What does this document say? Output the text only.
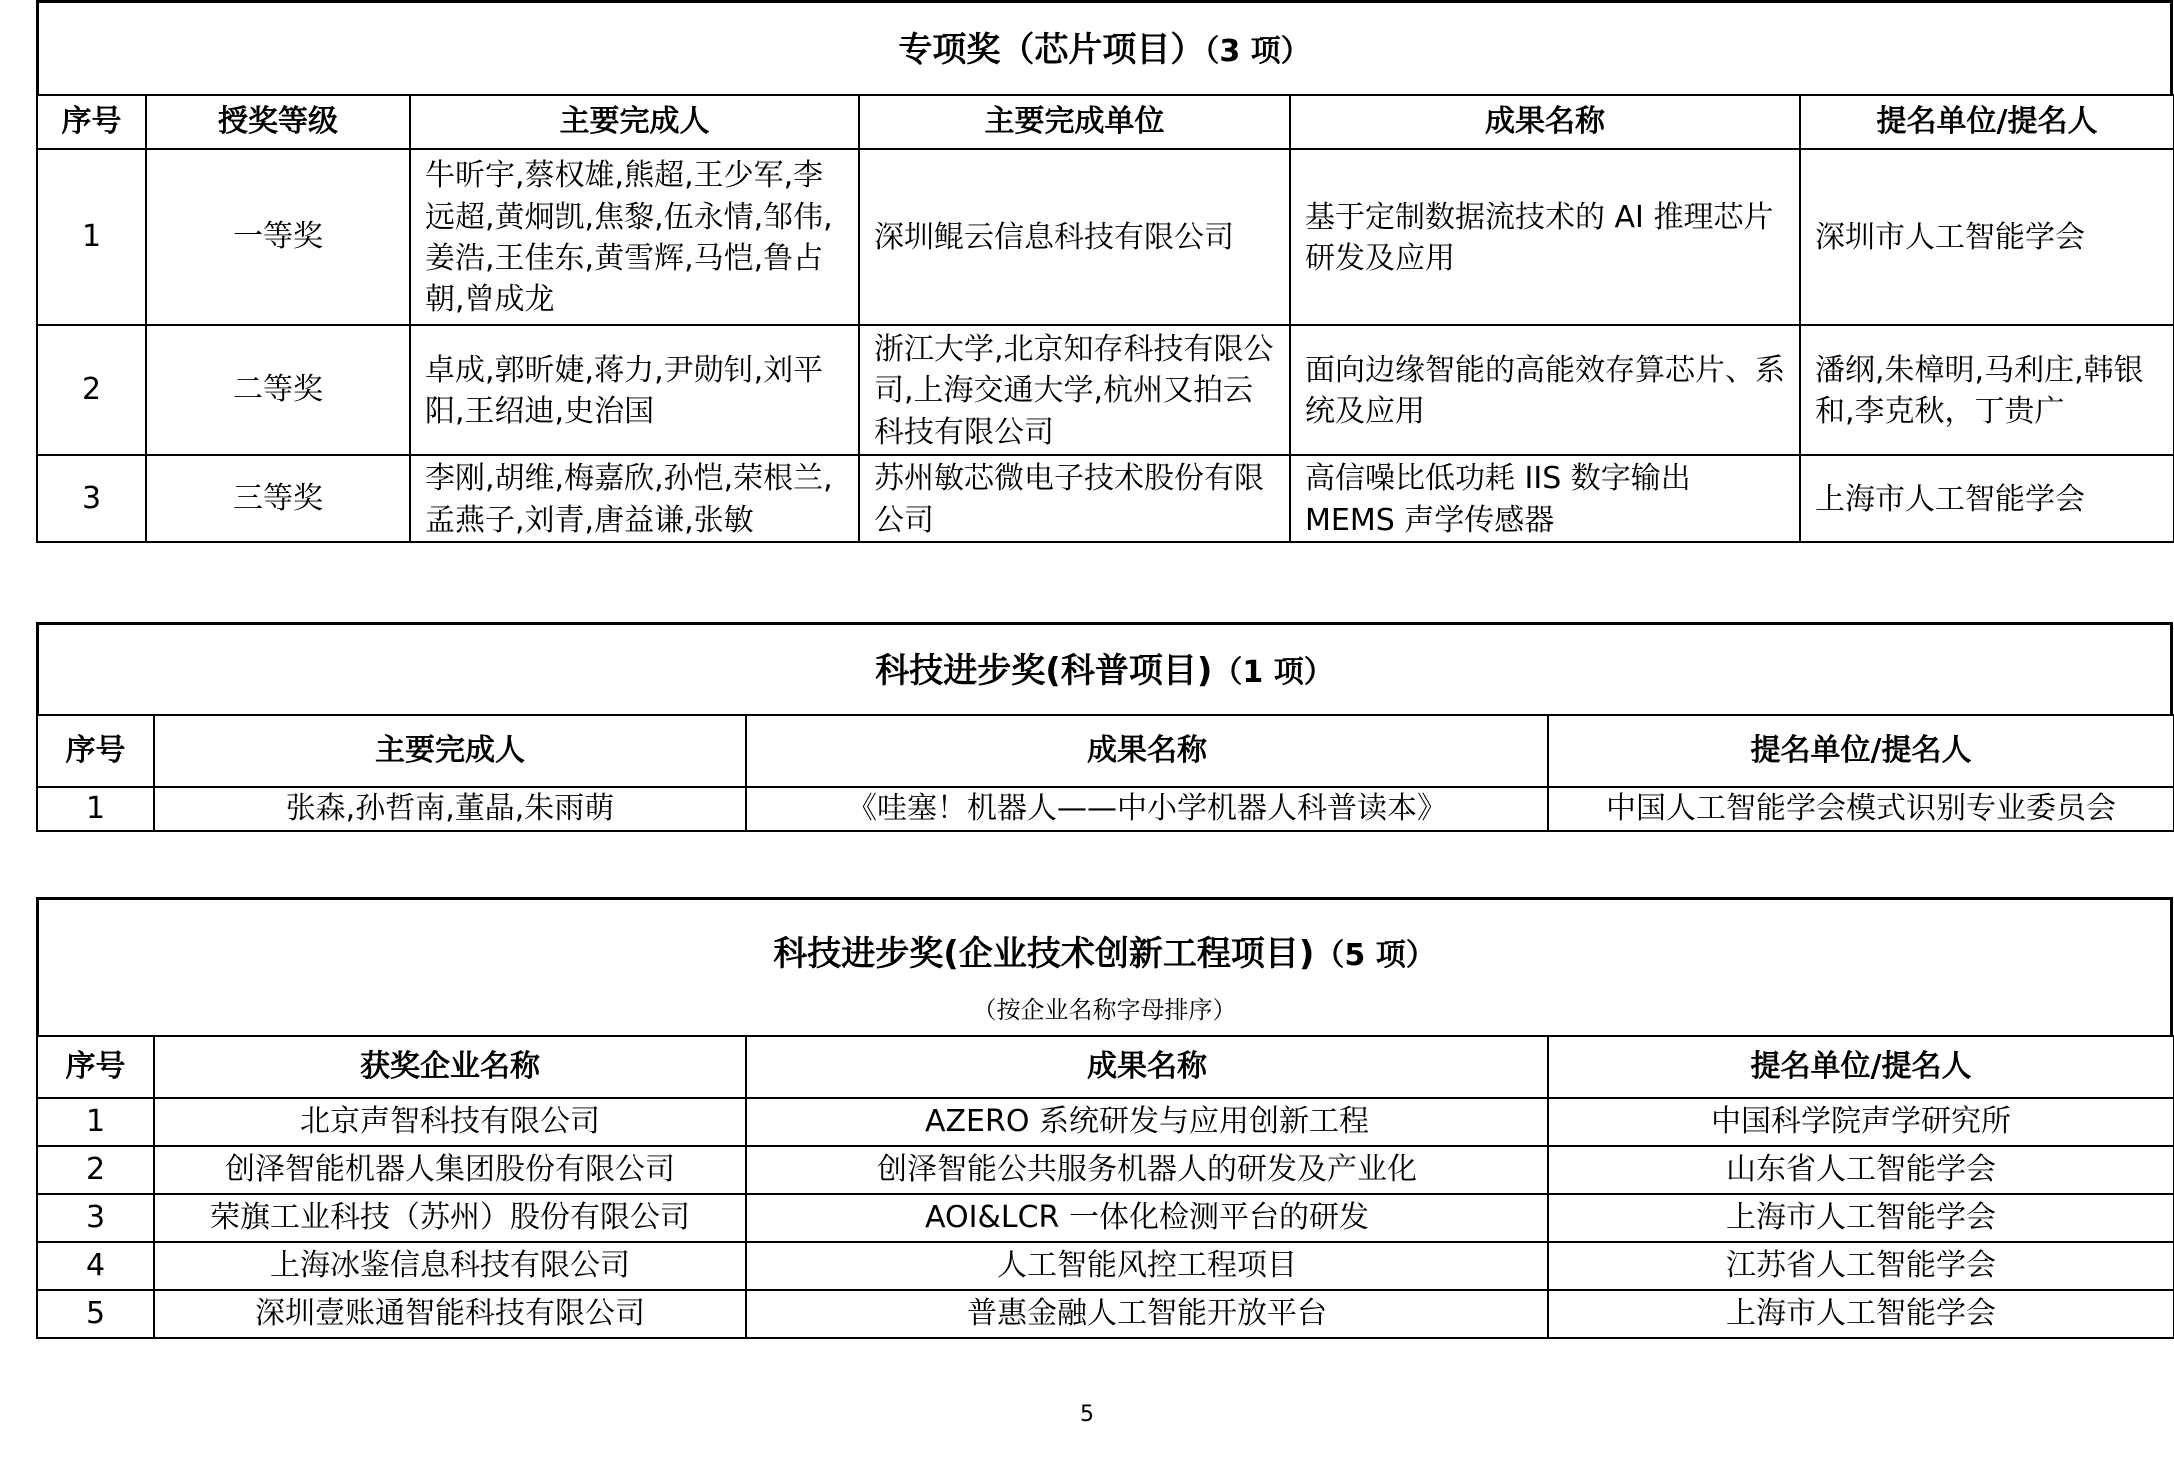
专项奖（芯片项目）（3 项）
序号	授奖等级	主要完成人	主要完成单位	成果名称	提名单位/提名人
1	一等奖	牛昕宇,蔡权雄,熊超,王少军,李远超,黄炯凯,焦黎,伍永情,邹伟,姜浩,王佳东,黄雪辉,马恺,鲁占朝,曾成龙	深圳鲲云信息科技有限公司	基于定制数据流技术的 AI 推理芯片研发及应用	深圳市人工智能学会
2	二等奖	卓成,郭昕婕,蒋力,尹勋钊,刘平阳,王绍迪,史治国	浙江大学,北京知存科技有限公司,上海交通大学,杭州又拍云科技有限公司	面向边缘智能的高能效存算芯片、系统及应用	潘纲,朱樟明,马利庄,韩银和,李克秋，丁贵广
3	三等奖	李刚,胡维,梅嘉欣,孙恺,荣根兰,孟燕子,刘青,唐益谦,张敏	苏州敏芯微电子技术股份有限公司	高信噪比低功耗 IIS 数字输出 MEMS 声学传感器	上海市人工智能学会
科技进步奖(科普项目)（1 项）
序号	主要完成人	成果名称	提名单位/提名人
1	张森,孙哲南,董晶,朱雨萌	《哇塞！机器人——中小学机器人科普读本》	中国人工智能学会模式识别专业委员会
科技进步奖(企业技术创新工程项目)（5 项）
（按企业名称字母排序）
序号	获奖企业名称	成果名称	提名单位/提名人
1	北京声智科技有限公司	AZERO 系统研发与应用创新工程	中国科学院声学研究所
2	创泽智能机器人集团股份有限公司	创泽智能公共服务机器人的研发及产业化	山东省人工智能学会
3	荣旗工业科技（苏州）股份有限公司	AOI&LCR 一体化检测平台的研发	上海市人工智能学会
4	上海冰鉴信息科技有限公司	人工智能风控工程项目	江苏省人工智能学会
5	深圳壹账通智能科技有限公司	普惠金融人工智能开放平台	上海市人工智能学会
5
